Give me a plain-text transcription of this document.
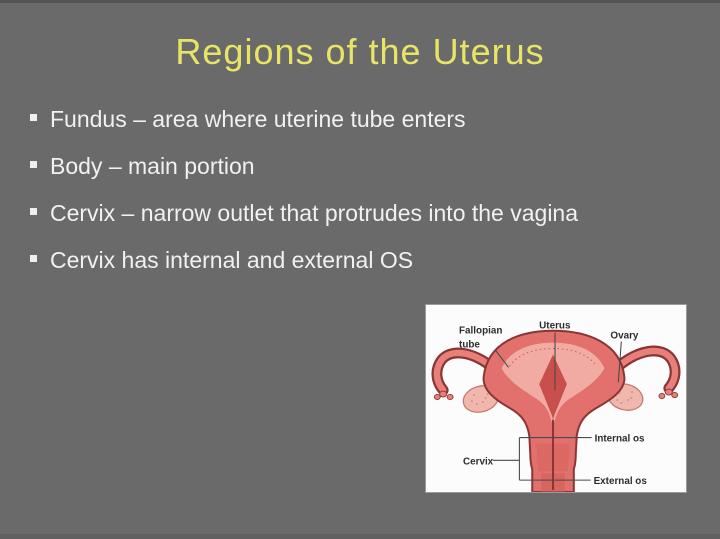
Regions of the Uterus
Fundus – area where uterine tube enters
Body – main portion
Cervix – narrow outlet that protrudes into the vagina
Cervix has internal and external OS
Fallopian
tube
Uterus
Ovary
Internal os
Cervix
External os
